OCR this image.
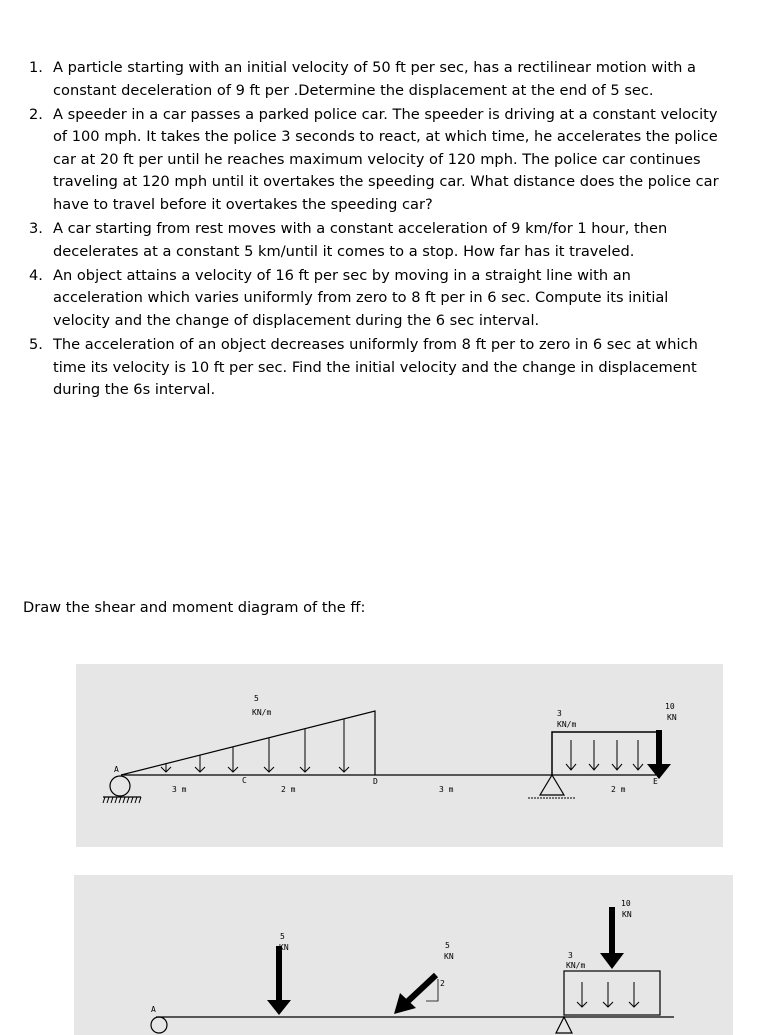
1. A particle starting with an initial velocity of 50 ft per sec, has a rectilinear motion with a constant deceleration of 9 ft per .Determine the displacement at the end of 5 sec.
2. A speeder in a car passes a parked police car. The speeder is driving at a constant velocity of 100 mph. It takes the police 3 seconds to react, at which time, he accelerates the police car at 20 ft per until he reaches maximum velocity of 120 mph. The police car continues traveling at 120 mph until it overtakes the speeding car. What distance does the police car have to travel before it overtakes the speeding car?
3. A car starting from rest moves with a constant acceleration of 9 km/for 1 hour, then decelerates at a constant 5 km/until it comes to a stop. How far has it traveled.
4. An object attains a velocity of 16 ft per sec by moving in a straight line with an acceleration which varies uniformly from zero to 8 ft per in 6 sec. Compute its initial velocity and the change of displacement during the 6 sec interval.
5. The acceleration of an object decreases uniformly from 8 ft per to zero in 6 sec at which time its velocity is 10 ft per sec. Find the initial velocity and the change in displacement during the 6s interval.
Draw the shear and moment diagram of the ff:
5
KN/m	3
KN/m
10
KN
A
C	D	E
3 m	2 m	3 m	2 m
5
KN	5
KN
2
3
KN/m
10
KN
A
